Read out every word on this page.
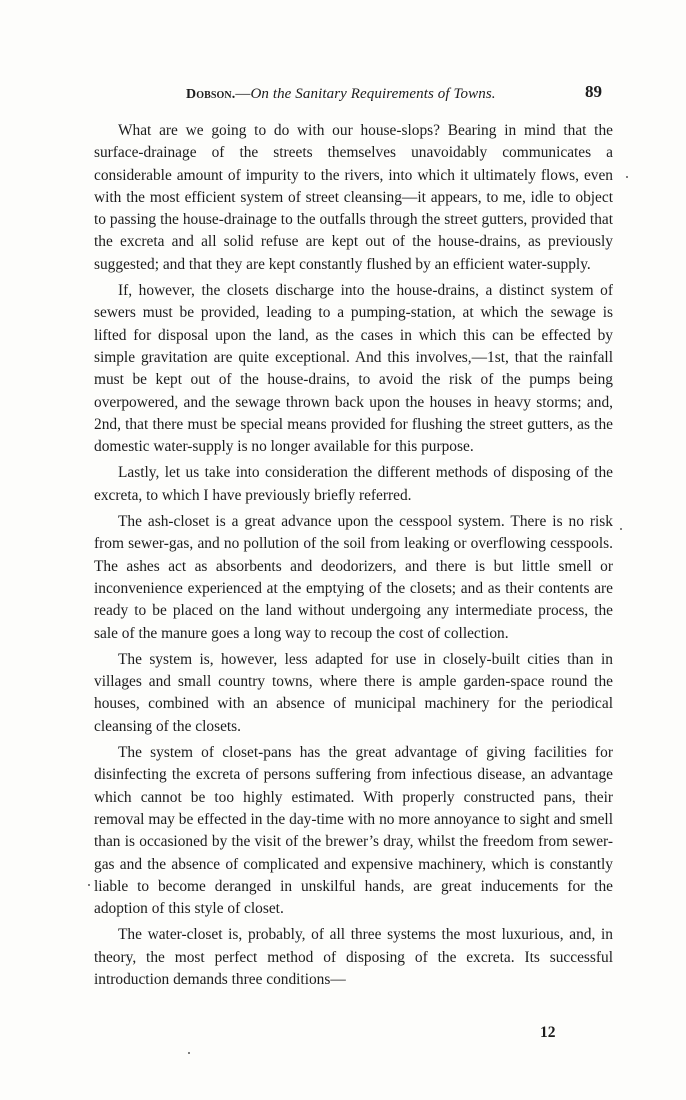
Dobson.—On the Sanitary Requirements of Towns.	89

What are we going to do with our house-slops? Bearing in mind that the surface-drainage of the streets themselves unavoidably communicates a considerable amount of impurity to the rivers, into which it ultimately flows, even with the most efficient system of street cleansing—it appears, to me, idle to object to passing the house-drainage to the outfalls through the street gutters, provided that the excreta and all solid refuse are kept out of the house-drains, as previously suggested; and that they are kept constantly flushed by an efficient water-supply.

If, however, the closets discharge into the house-drains, a distinct system of sewers must be provided, leading to a pumping-station, at which the sewage is lifted for disposal upon the land, as the cases in which this can be effected by simple gravitation are quite exceptional. And this involves,—1st, that the rainfall must be kept out of the house-drains, to avoid the risk of the pumps being overpowered, and the sewage thrown back upon the houses in heavy storms; and, 2nd, that there must be special means provided for flushing the street gutters, as the domestic water-supply is no longer available for this purpose.

Lastly, let us take into consideration the different methods of disposing of the excreta, to which I have previously briefly referred.

The ash-closet is a great advance upon the cesspool system. There is no risk from sewer-gas, and no pollution of the soil from leaking or overflowing cesspools. The ashes act as absorbents and deodorizers, and there is but little smell or inconvenience experienced at the emptying of the closets; and as their contents are ready to be placed on the land without undergoing any intermediate process, the sale of the manure goes a long way to recoup the cost of collection.

The system is, however, less adapted for use in closely-built cities than in villages and small country towns, where there is ample garden-space round the houses, combined with an absence of municipal machinery for the periodical cleansing of the closets.

The system of closet-pans has the great advantage of giving facilities for disinfecting the excreta of persons suffering from infectious disease, an advantage which cannot be too highly estimated. With properly constructed pans, their removal may be effected in the day-time with no more annoyance to sight and smell than is occasioned by the visit of the brewer’s dray, whilst the freedom from sewer-gas and the absence of complicated and expensive machinery, which is constantly liable to become deranged in unskilful hands, are great inducements for the adoption of this style of closet.

The water-closet is, probably, of all three systems the most luxurious, and, in theory, the most perfect method of disposing of the excreta. Its successful introduction demands three conditions—

12
